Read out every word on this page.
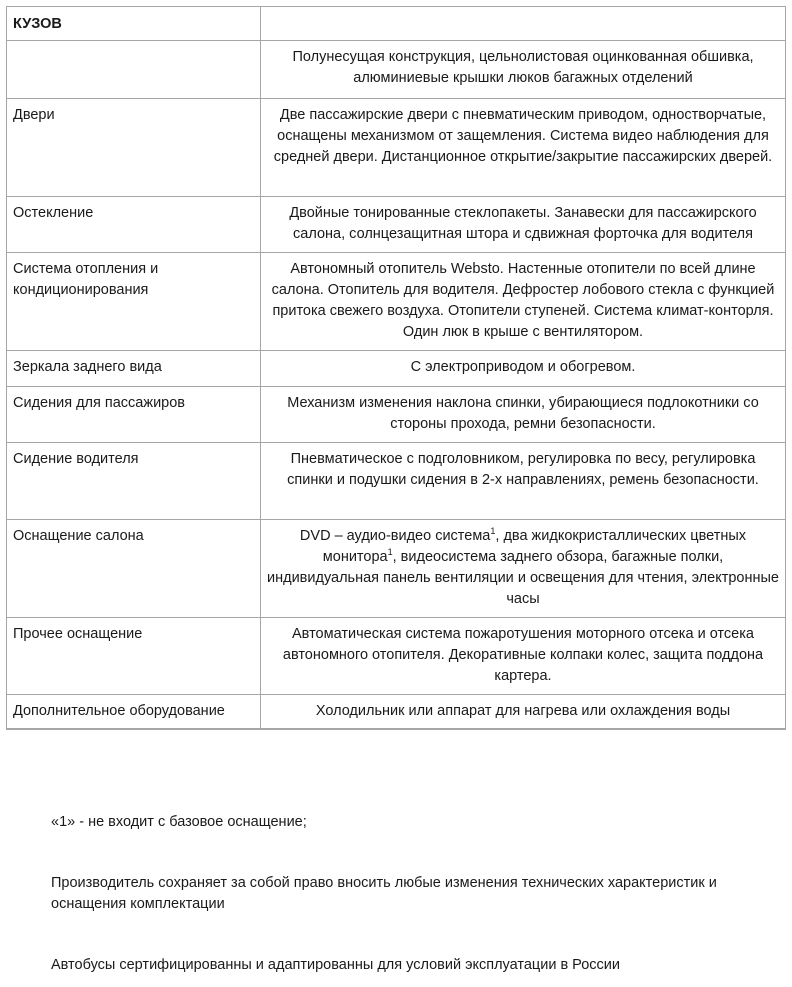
КУЗОВ	
	Полунесущая конструкция, цельнолистовая оцинкованная обшивка, алюминиевые крышки люков багажных отделений
Двери	Две пассажирские двери с пневматическим приводом, одностворчатые, оснащены механизмом от защемления. Система видео наблюдения для средней двери. Дистанционное открытие/закрытие пассажирских дверей.
Остекление	Двойные тонированные стеклопакеты. Занавески для пассажирского салона, солнцезащитная штора и сдвижная форточка для водителя
Система отопления и кондиционирования	Автономный отопитель Websto. Настенные отопители по всей длине салона. Отопитель для водителя. Дефростер лобового стекла с функцией притока свежего воздуха. Отопители ступеней. Система климат-конторля. Один люк в крыше с вентилятором.
Зеркала заднего вида	С электроприводом и обогревом.
Сидения для пассажиров	Механизм изменения наклона спинки, убирающиеся подлокотники со стороны прохода, ремни безопасности.
Сидение водителя	Пневматическое с подголовником, регулировка по весу, регулировка спинки и подушки сидения в 2-х направлениях, ремень безопасности.
Оснащение салона	DVD – аудио-видео система$^1$, два жидкокристаллических цветных монитора$^1$, видеосистема заднего обзора, багажные полки, индивидуальная панель вентиляции и освещения для чтения, электронные часы
Прочее оснащение	Автоматическая система пожаротушения моторного отсека и отсека автономного отопителя. Декоративные колпаки колес, защита поддона картера.
Дополнительное оборудование	Холодильник или аппарат для нагрева или охлаждения воды

«1» - не входит с базовое оснащение;

Производитель сохраняет за собой право вносить любые изменения технических характеристик и оснащения комплектации

Автобусы сертифицированны и адаптированны для условий эксплуатации в России
